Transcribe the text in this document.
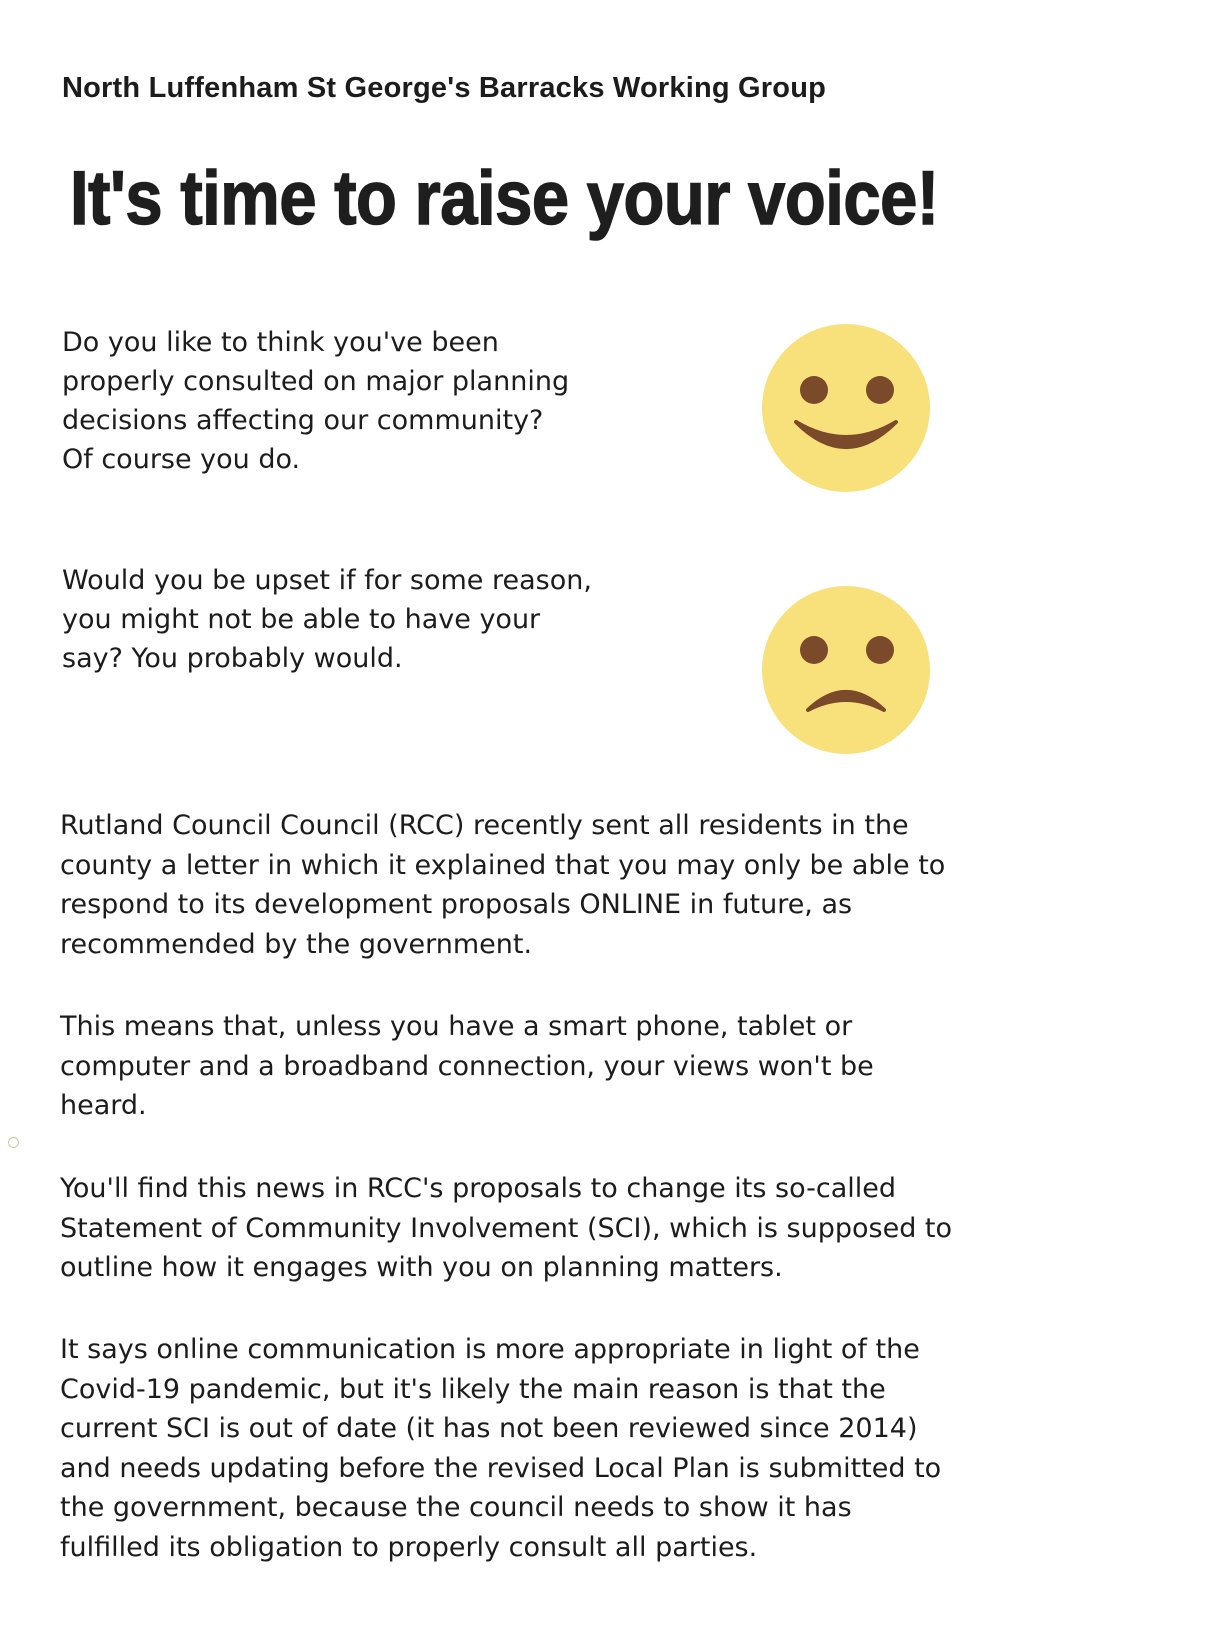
North Luffenham St George's Barracks Working Group
It's time to raise your voice!
Do you like to think you've been
properly consulted on major planning
decisions affecting our community?
Of course you do.
Would you be upset if for some reason,
you might not be able to have your
say? You probably would.
Rutland Council Council (RCC) recently sent all residents in the
county a letter in which it explained that you may only be able to
respond to its development proposals ONLINE in future, as
recommended by the government.
This means that, unless you have a smart phone, tablet or
computer and a broadband connection, your views won't be
heard.
You'll find this news in RCC's proposals to change its so-called
Statement of Community Involvement (SCI), which is supposed to
outline how it engages with you on planning matters.
It says online communication is more appropriate in light of the
Covid-19 pandemic, but it's likely the main reason is that the
current SCI is out of date (it has not been reviewed since 2014)
and needs updating before the revised Local Plan is submitted to
the government, because the council needs to show it has
fulfilled its obligation to properly consult all parties.
